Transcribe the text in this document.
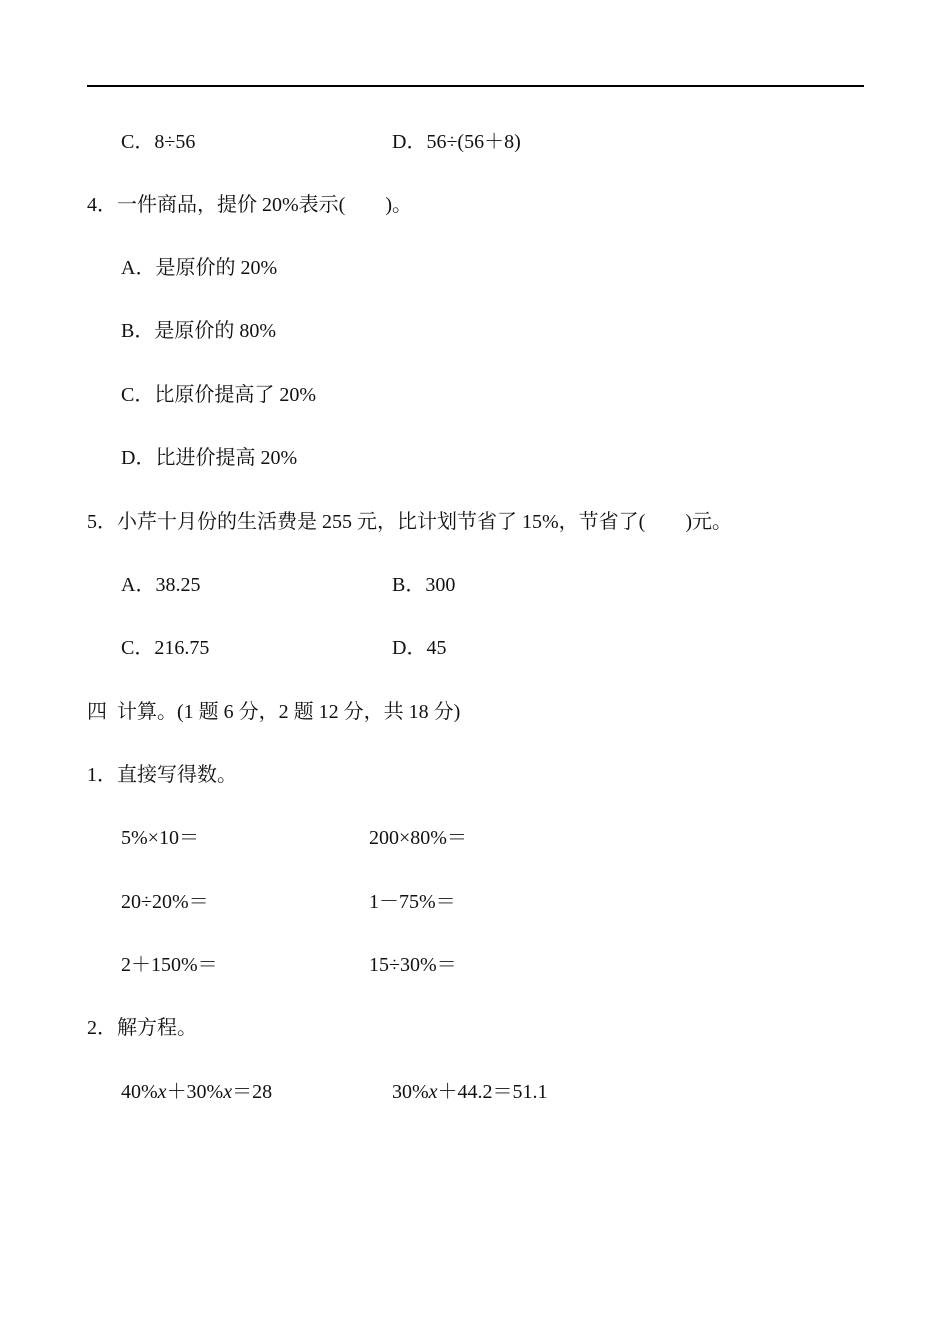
C．8÷56	D．56÷(56＋8)
4．一件商品，提价 20%表示(　　)。
A．是原价的 20%
B．是原价的 80%
C．比原价提高了 20%
D．比进价提高 20%
5．小芹十月份的生活费是 255 元，比计划节省了 15%，节省了(　　)元。
A．38.25	B．300
C．216.75	D．45
四  计算。(1 题 6 分，2 题 12 分，共 18 分)
1．直接写得数。
5%×10＝	200×80%＝
20÷20%＝	1－75%＝
2＋150%＝	15÷30%＝
2．解方程。
40%x＋30%x＝28	30%x＋44.2＝51.1
